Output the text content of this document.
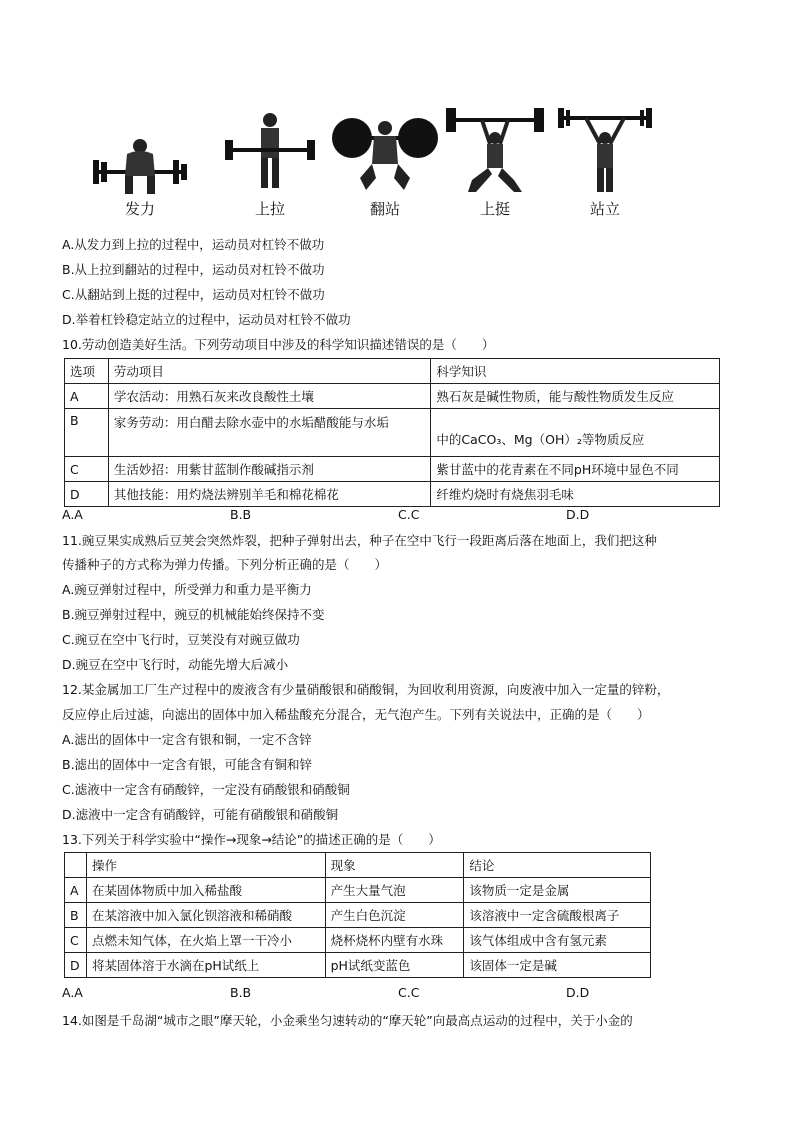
发力	上拉	翻站	上挺	站立
A.从发力到上拉的过程中，运动员对杠铃不做功
B.从上拉到翻站的过程中，运动员对杠铃不做功
C.从翻站到上挺的过程中，运动员对杠铃不做功
D.举着杠铃稳定站立的过程中，运动员对杠铃不做功
10.劳动创造美好生活。下列劳动项目中涉及的科学知识描述错误的是（　　）
选项	劳动项目	科学知识
A	学农活动：用熟石灰来改良酸性土壤	熟石灰是碱性物质，能与酸性物质发生反应
B	家务劳动：用白醋去除水壶中的水垢醋酸能与水垢	中的CaCO₃、Mg（OH）₂等物质反应
C	生活妙招：用紫甘蓝制作酸碱指示剂	紫甘蓝中的花青素在不同pH环境中显色不同
D	其他技能：用灼烧法辨别羊毛和棉花棉花	纤维灼烧时有烧焦羽毛味
A.A	B.B	C.C	D.D
11.豌豆果实成熟后豆荚会突然炸裂，把种子弹射出去，种子在空中飞行一段距离后落在地面上，我们把这种
传播种子的方式称为弹力传播。下列分析正确的是（　　）
A.豌豆弹射过程中，所受弹力和重力是平衡力
B.豌豆弹射过程中，豌豆的机械能始终保持不变
C.豌豆在空中飞行时，豆荚没有对豌豆做功
D.豌豆在空中飞行时，动能先增大后减小
12.某金属加工厂生产过程中的废液含有少量硝酸银和硝酸铜，为回收利用资源，向废液中加入一定量的锌粉，
反应停止后过滤，向滤出的固体中加入稀盐酸充分混合，无气泡产生。下列有关说法中，正确的是（　　）
A.滤出的固体中一定含有银和铜，一定不含锌
B.滤出的固体中一定含有银，可能含有铜和锌
C.滤液中一定含有硝酸锌，一定没有硝酸银和硝酸铜
D.滤液中一定含有硝酸锌，可能有硝酸银和硝酸铜
13.下列关于科学实验中“操作→现象→结论”的描述正确的是（　　）
	操作	现象	结论
A	在某固体物质中加入稀盐酸	产生大量气泡	该物质一定是金属
B	在某溶液中加入氯化钡溶液和稀硝酸	产生白色沉淀	该溶液中一定含硫酸根离子
C	点燃未知气体，在火焰上罩一干冷小	烧杯烧杯内壁有水珠	该气体组成中含有氢元素
D	将某固体溶于水滴在pH试纸上	pH试纸变蓝色	该固体一定是碱
A.A	B.B	C.C	D.D
14.如图是千岛湖“城市之眼”摩天轮，小金乘坐匀速转动的“摩天轮”向最高点运动的过程中，关于小金的
